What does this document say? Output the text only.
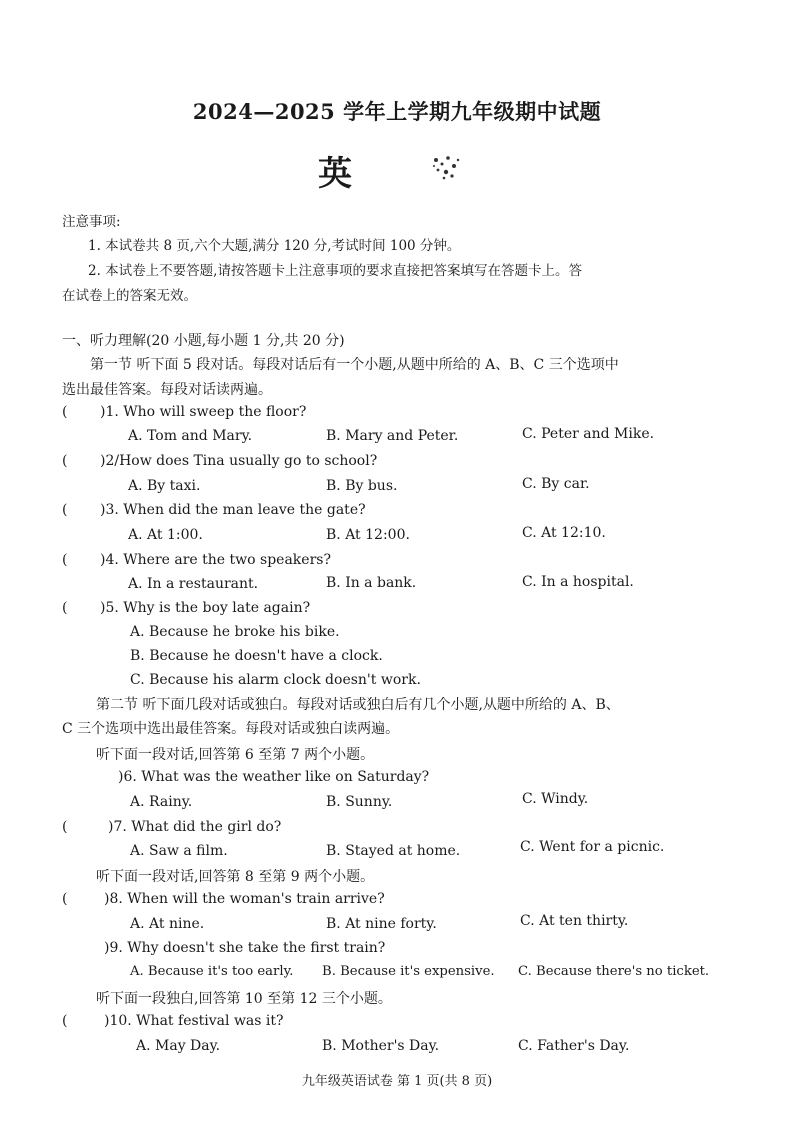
2024—2025 学年上学期九年级期中试题
英
注意事项:
1. 本试卷共 8 页,六个大题,满分 120 分,考试时间 100 分钟。
2. 本试卷上不要答题,请按答题卡上注意事项的要求直接把答案填写在答题卡上。答
在试卷上的答案无效。
一、听力理解(20 小题,每小题 1 分,共 20 分)
第一节 听下面 5 段对话。每段对话后有一个小题,从题中所给的 A、B、C 三个选项中
选出最佳答案。每段对话读两遍。
( )1. Who will sweep the floor?
A. Tom and Mary.	B. Mary and Peter.	C. Peter and Mike.
( )2/How does Tina usually go to school?
A. By taxi.	B. By bus.	C. By car.
( )3. When did the man leave the gate?
A. At 1:00.	B. At 12:00.	C. At 12:10.
( )4. Where are the two speakers?
A. In a restaurant.	B. In a bank.	C. In a hospital.
( )5. Why is the boy late again?
A. Because he broke his bike.
B. Because he doesn't have a clock.
C. Because his alarm clock doesn't work.
第二节 听下面几段对话或独白。每段对话或独白后有几个小题,从题中所给的 A、B、
C 三个选项中选出最佳答案。每段对话或独白读两遍。
听下面一段对话,回答第 6 至第 7 两个小题。
)6. What was the weather like on Saturday?
A. Rainy.	B. Sunny.	C. Windy.
(	)7. What did the girl do?
A. Saw a film.	B. Stayed at home.	C. Went for a picnic.
听下面一段对话,回答第 8 至第 9 两个小题。
(	)8. When will the woman's train arrive?
A. At nine.	B. At nine forty.	C. At ten thirty.
)9. Why doesn't she take the first train?
A. Because it's too early. B. Because it's expensive. C. Because there's no ticket.
听下面一段独白,回答第 10 至第 12 三个小题。
(	)10. What festival was it?
A. May Day.	B. Mother's Day.	C. Father's Day.
九年级英语试卷 第 1 页(共 8 页)
